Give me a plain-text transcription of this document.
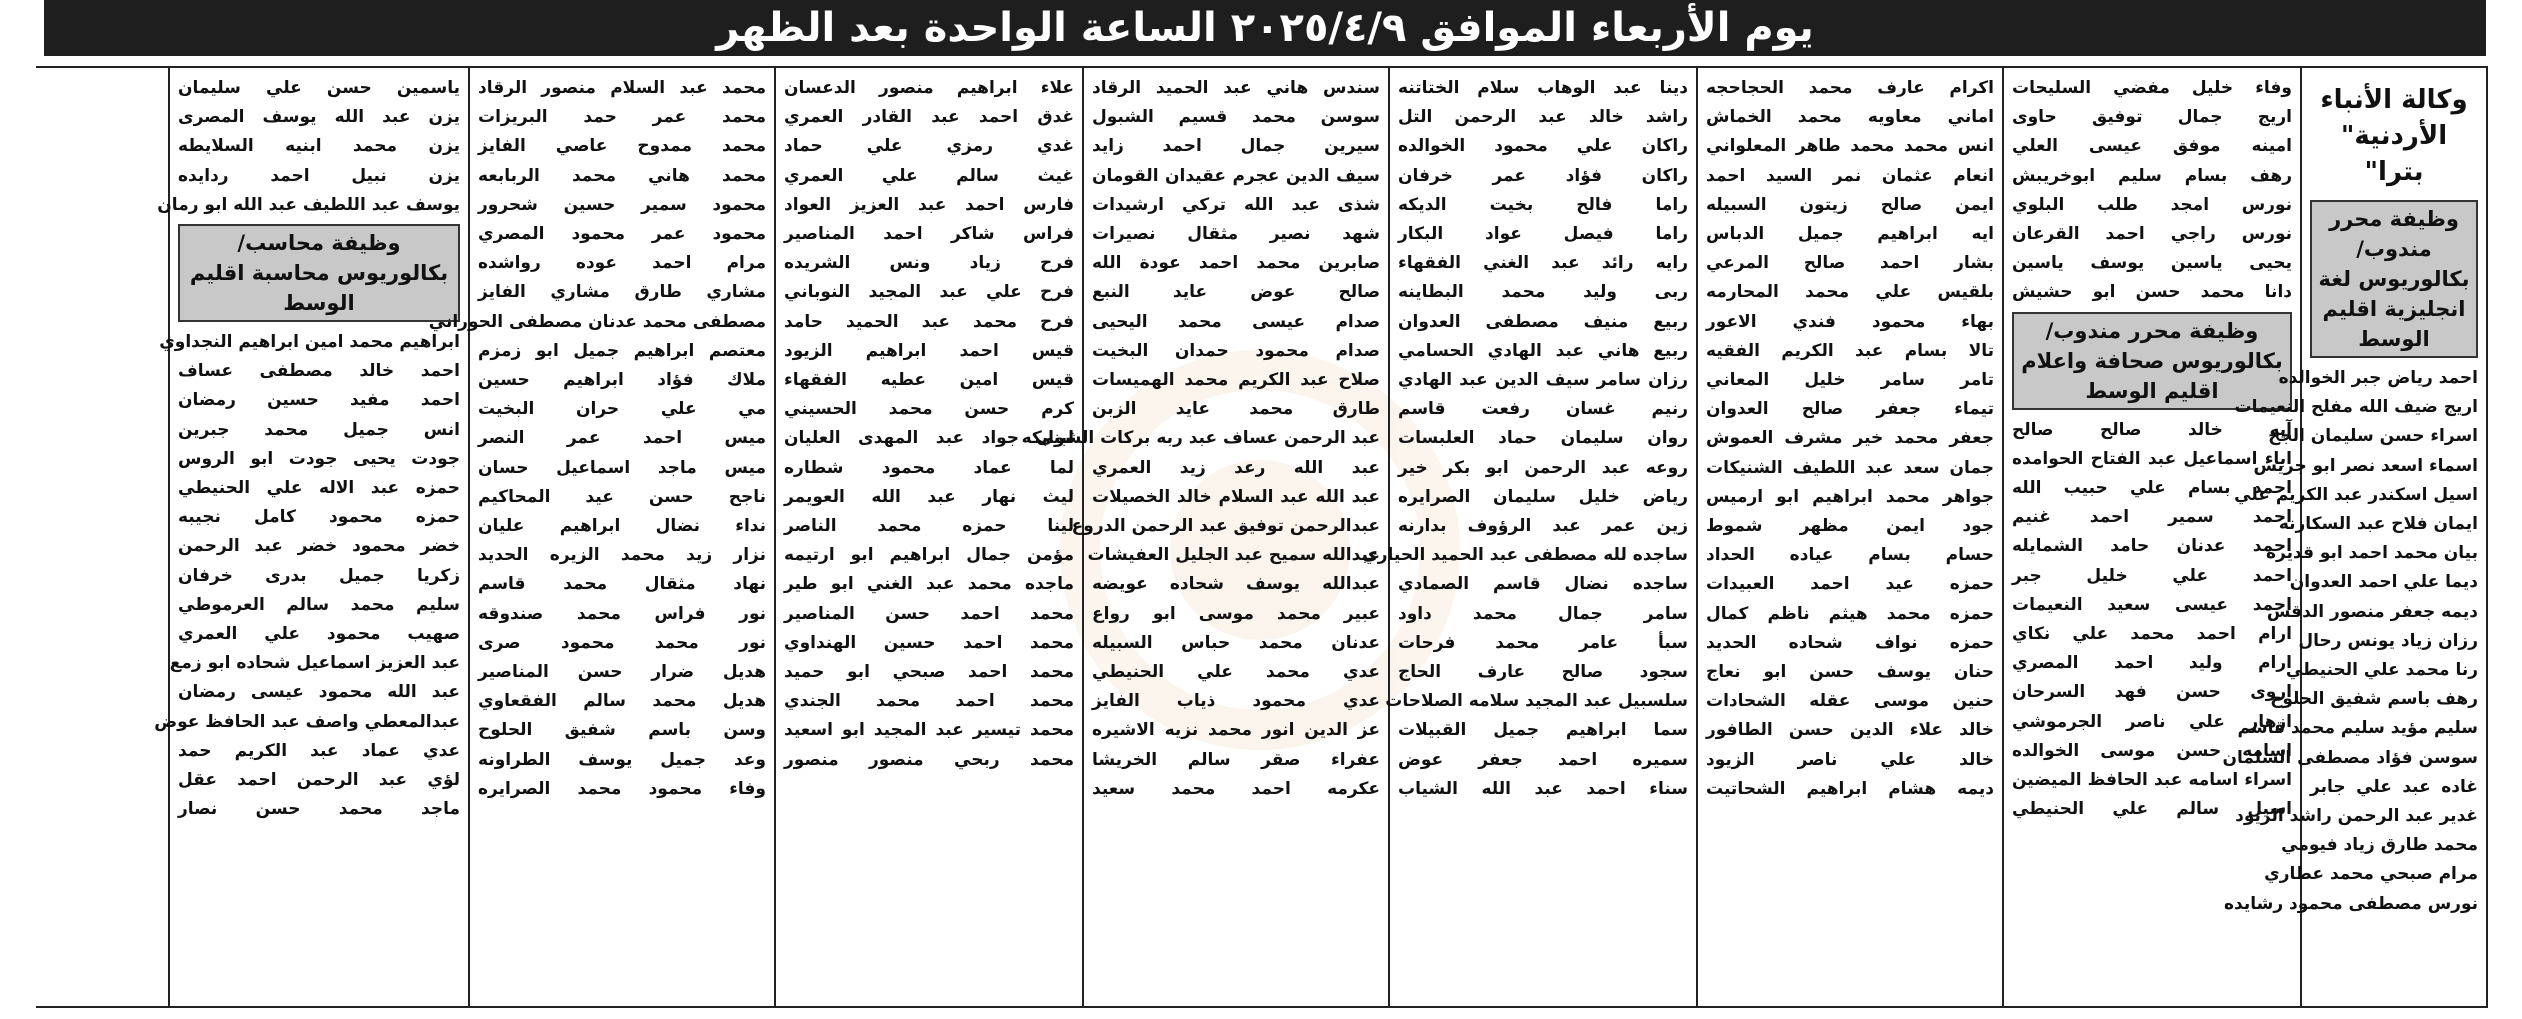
يوم الأربعاء الموافق ٢٠٢٥/٤/٩ الساعة الواحدة بعد الظهر
وكالة الأنباء الأردنية" بترا"
وظيفة محرر مندوب/ بكالوريوس لغة انجليزية اقليم الوسط
احمد رياض جبر الخوالده
اريج ضيف الله مفلح النعيمات
اسراء حسن سليمان الجخ
اسماء اسعد نصر ابو جريس
اسيل اسكندر عبد الكريم علي
ايمان فلاح عبد السكارنه
بيان محمد احمد ابو قديره
ديما علي احمد العدوان
ديمه جعفر منصور الدقس
رزان زياد يونس رحال
رنا محمد علي الحنيطي
رهف باسم شفيق الحلوح
سليم مؤيد سليم محمد قاسم
سوسن فؤاد مصطفى السلمان
غاده عبد علي جابر
غدير عبد الرحمن راشد الزيود
محمد طارق زياد فيومي
مرام صبحي محمد عطاري
نورس مصطفى محمود رشايده
وفاء خليل مفضي السليحات
اريج جمال توفيق حاوى
امينه موفق عيسى العلي
رهف بسام سليم ابوخريبش
نورس امجد طلب البلوي
نورس راجي احمد القرعان
يحيى ياسين يوسف ياسين
دانا محمد حسن ابو حشيش
وظيفة محرر مندوب/ بكالوريوس صحافة واعلام اقليم الوسط
آيه خالد صالح صالح
اباء اسماعيل عبد الفتاح الحوامده
احمد بسام علي حبيب الله
احمد سمير احمد غنيم
احمد عدنان حامد الشمايله
احمد علي خليل جبر
احمد عيسى سعيد النعيمات
ارام احمد محمد علي نكاي
ارام وليد احمد المصري
اروى حسن فهد السرحان
ازهار علي ناصر الجرموشي
اسامه حسن موسى الخوالده
اسراء اسامه عبد الحافظ الميضين
اسيل سالم علي الحنيطي
اكرام عارف محمد الحجاحجه
اماني معاويه محمد الخماش
انس محمد محمد طاهر المعلواني
انعام عثمان نمر السيد احمد
ايمن صالح زيتون السبيله
ايه ابراهيم جميل الدباس
بشار احمد صالح المرعي
بلقيس علي محمد المحارمه
بهاء محمود فندي الاعور
تالا بسام عبد الكريم الفقيه
تامر سامر خليل المعاني
تيماء جعفر صالح العدوان
جعفر محمد خير مشرف العموش
جمان سعد عبد اللطيف الشنيكات
جواهر محمد ابراهيم ابو ارميس
جود ايمن مظهر شموط
حسام بسام عياده الحداد
حمزه عيد احمد العبيدات
حمزه محمد هيثم ناظم كمال
حمزه نواف شحاده الحديد
حنان يوسف حسن ابو نعاج
حنين موسى عقله الشحادات
خالد علاء الدين حسن الطافور
خالد علي ناصر الزيود
ديمه هشام ابراهيم الشحاتيت
دينا عبد الوهاب سلام الختاتنه
راشد خالد عبد الرحمن التل
راكان علي محمود الخوالده
راكان فؤاد عمر خرفان
راما فالح بخيت الديكه
راما فيصل عواد البكار
رايه رائد عبد الغني الفقهاء
ربى وليد محمد البطاينه
ربيع منيف مصطفى العدوان
ربيع هاني عبد الهادي الحسامي
رزان سامر سيف الدين عبد الهادي
رنيم غسان رفعت قاسم
روان سليمان حماد العلبسات
روعه عبد الرحمن ابو بكر خير
رياض خليل سليمان الصرايره
زين عمر عبد الرؤوف بدارنه
ساجده لله مصطفى عبد الحميد الحياري
ساجده نضال قاسم الصمادي
سامر جمال محمد داود
سبأ عامر محمد فرحات
سجود صالح عارف الحاج
سلسبيل عبد المجيد سلامه الصلاحات
سما ابراهيم جميل القبيلات
سميره احمد جعفر عوض
سناء احمد عبد الله الشياب
سندس هاني عبد الحميد الرقاد
سوسن محمد قسيم الشبول
سيرين جمال احمد زايد
سيف الدين عجرم عقيدان القومان
شذى عبد الله تركي ارشيدات
شهد نصير مثقال نصيرات
صابرين محمد احمد عودة الله
صالح عوض عايد النبع
صدام عيسى محمد اليحيى
صدام محمود حمدان البخيت
صلاح عبد الكريم محمد الهميسات
طارق محمد عايد الزبن
عبد الرحمن عساف عبد ربه بركات الشوابكه
عبد الله رعد زيد العمري
عبد الله عبد السلام خالد الخصيلات
عبدالرحمن توفيق عبد الرحمن الدروع
عبدالله سميح عبد الجليل العفيشات
عبدالله يوسف شحاده عويضه
عبير محمد موسى ابو رواع
عدنان محمد حباس السبيله
عدي محمد علي الحنيطي
عدي محمود ذياب الفايز
عز الدين انور محمد نزيه الاشيره
عفراء صقر سالم الخريشا
عكرمه احمد محمد سعيد
علاء ابراهيم منصور الدعسان
غدق احمد عبد القادر العمري
غدي رمزي علي حماد
غيث سالم علي العمري
فارس احمد عبد العزيز العواد
فراس شاكر احمد المناصير
فرح زياد ونس الشريده
فرح علي عبد المجيد النوباني
فرح محمد عبد الحميد حامد
قيس احمد ابراهيم الزيود
قيس امين عطيه الفقهاء
كرم حسن محمد الحسيني
لبنى جواد عبد المهدى العليان
لما عماد محمود شطاره
ليث نهار عبد الله العويمر
لينا حمزه محمد الناصر
مؤمن جمال ابراهيم ابو ارتيمه
ماجده محمد عبد الغني ابو طير
محمد احمد حسن المناصير
محمد احمد حسين الهنداوي
محمد احمد صبحي ابو حميد
محمد احمد محمد الجندي
محمد تيسير عبد المجيد ابو اسعيد
محمد ربحي منصور منصور
محمد عبد السلام منصور الرقاد
محمد عمر حمد البريزات
محمد ممدوح عاصي الفايز
محمد هاني محمد الربابعه
محمود سمير حسين شحرور
محمود عمر محمود المصري
مرام احمد عوده رواشده
مشاري طارق مشاري الفايز
مصطفى محمد عدنان مصطفى الحوراني
معتصم ابراهيم جميل ابو زمزم
ملاك فؤاد ابراهيم حسين
مي علي حران البخيت
ميس احمد عمر النصر
ميس ماجد اسماعيل حسان
ناجح حسن عيد المحاكيم
نداء نضال ابراهيم عليان
نزار زيد محمد الزيره الحديد
نهاد مثقال محمد قاسم
نور فراس محمد صندوقه
نور محمد محمود صرى
هديل ضرار حسن المناصير
هديل محمد سالم الفقعاوي
وسن باسم شفيق الحلوح
وعد جميل يوسف الطراونه
وفاء محمود محمد الصرايره
ياسمين حسن علي سليمان
يزن عبد الله يوسف المصرى
يزن محمد ابنيه السلايطه
يزن نبيل احمد ردايده
يوسف عبد اللطيف عبد الله ابو رمان
وظيفة محاسب/بكالوريوس محاسبة اقليم الوسط
ابراهيم محمد امين ابراهيم النجداوي
احمد خالد مصطفى عساف
احمد مفيد حسين رمضان
انس جميل محمد جبرين
جودت يحيى جودت ابو الروس
حمزه عبد الاله علي الحنيطي
حمزه محمود كامل نجيبه
خضر محمود خضر عبد الرحمن
زكريا جميل بدرى خرفان
سليم محمد سالم العرموطي
صهيب محمود علي العمري
عبد العزيز اسماعيل شحاده ابو زمع
عبد الله محمود عيسى رمضان
عبدالمعطي واصف عبد الحافظ عوض
عدي عماد عبد الكريم حمد
لؤي عبد الرحمن احمد عقل
ماجد محمد حسن نصار
